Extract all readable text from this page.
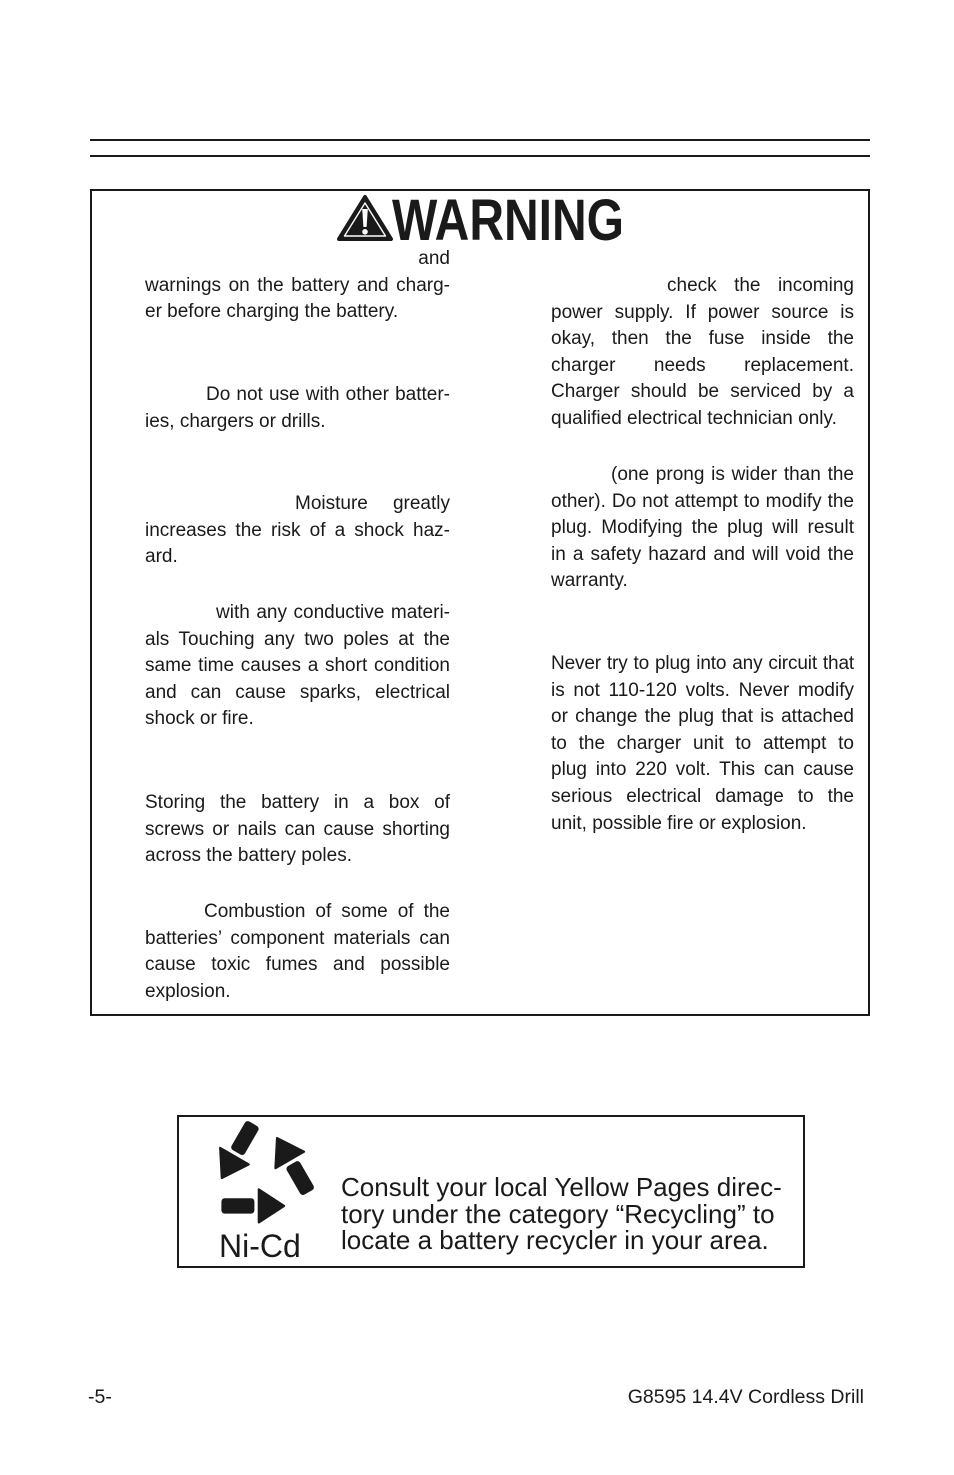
WARNING
and
warnings on the battery and charg-
er before charging the battery.
Do not use with other batter-
ies, chargers or drills.
Moisture greatly
increases the risk of a shock haz-
ard.
with any conductive materi-
als Touching any two poles at the
same time causes a short condition
and can cause sparks, electrical
shock or fire.
Storing the battery in a box of
screws or nails can cause shorting
across the battery poles.
Combustion of some of the
batteries’ component materials can
cause toxic fumes and possible
explosion.
check the incoming
power supply. If power source is
okay, then the fuse inside the
charger needs replacement.
Charger should be serviced by a
qualified electrical technician only.
(one prong is wider than the
other). Do not attempt to modify the
plug. Modifying the plug will result
in a safety hazard and will void the
warranty.
Never try to plug into any circuit that
is not 110-120 volts. Never modify
or change the plug that is attached
to the charger unit to attempt to
plug into 220 volt. This can cause
serious electrical damage to the
unit, possible fire or explosion.
Ni-Cd
Consult your local Yellow Pages direc-
tory under the category “Recycling” to
locate a battery recycler in your area.
-5-	G8595 14.4V Cordless Drill
